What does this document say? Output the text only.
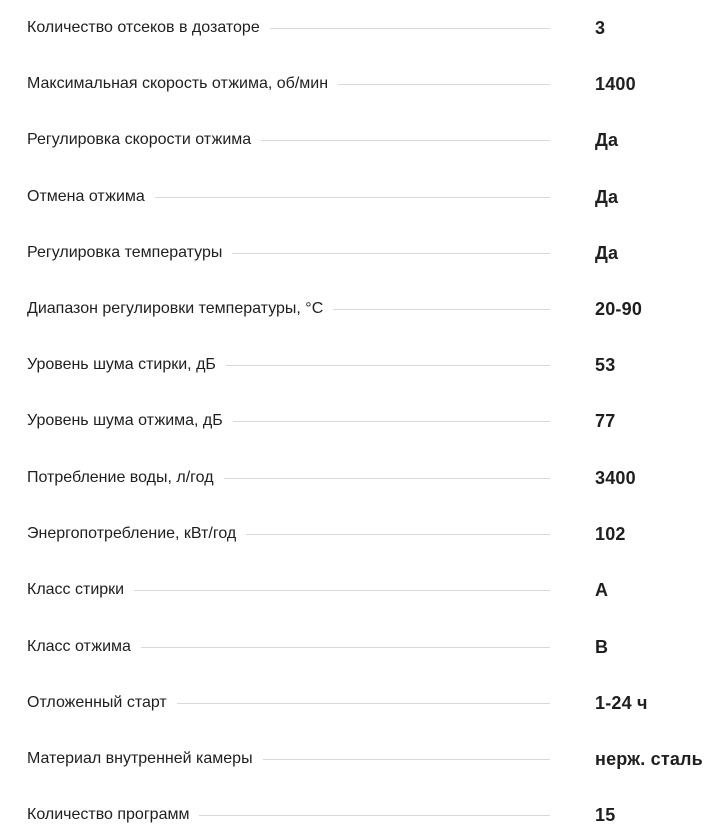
Количество отсеков в дозаторе	3
Максимальная скорость отжима, об/мин	1400
Регулировка скорости отжима	Да
Отмена отжима	Да
Регулировка температуры	Да
Диапазон регулировки температуры, °С	20-90
Уровень шума стирки, дБ	53
Уровень шума отжима, дБ	77
Потребление воды, л/год	3400
Энергопотребление, кВт/год	102
Класс стирки	A
Класс отжима	B
Отложенный старт	1-24 ч
Материал внутренней камеры	нерж. сталь
Количество программ	15
